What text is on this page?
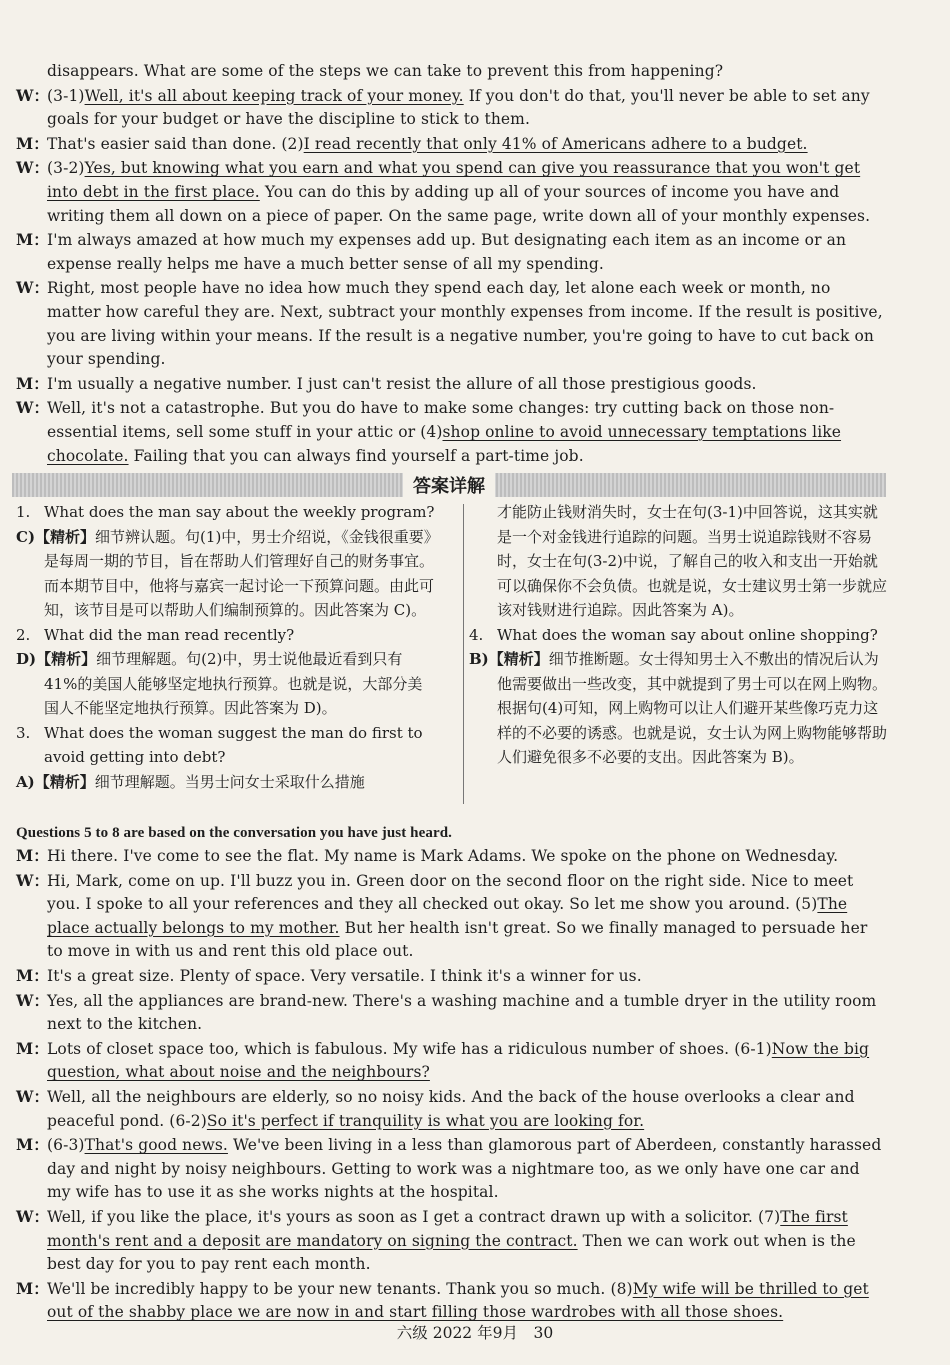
disappears. What are some of the steps we can take to prevent this from happening?
W：(3-1)Well, it's all about keeping track of your money. If you don't do that, you'll never be able to set any goals for your budget or have the discipline to stick to them.
M：That's easier said than done. (2)I read recently that only 41% of Americans adhere to a budget.
W：(3-2)Yes, but knowing what you earn and what you spend can give you reassurance that you won't get into debt in the first place. You can do this by adding up all of your sources of income you have and writing them all down on a piece of paper. On the same page, write down all of your monthly expenses.
M：I'm always amazed at how much my expenses add up. But designating each item as an income or an expense really helps me have a much better sense of all my spending.
W：Right, most people have no idea how much they spend each day, let alone each week or month, no matter how careful they are. Next, subtract your monthly expenses from income. If the result is positive, you are living within your means. If the result is a negative number, you're going to have to cut back on your spending.
M：I'm usually a negative number. I just can't resist the allure of all those prestigious goods.
W：Well, it's not a catastrophe. But you do have to make some changes: try cutting back on those non-essential items, sell some stuff in your attic or (4)shop online to avoid unnecessary temptations like chocolate. Failing that you can always find yourself a part-time job.
答案详解
1. What does the man say about the weekly program?
C)【精析】细节辨认题。句(1)中，男士介绍说，《金钱很重要》是每周一期的节目，旨在帮助人们管理好自己的财务事宜。而本期节目中，他将与嘉宾一起讨论一下预算问题。由此可知，该节目是可以帮助人们编制预算的。因此答案为 C)。
2. What did the man read recently?
D)【精析】细节理解题。句(2)中，男士说他最近看到只有 41%的美国人能够坚定地执行预算。也就是说，大部分美国人不能坚定地执行预算。因此答案为 D)。
3. What does the woman suggest the man do first to avoid getting into debt?
A)【精析】细节理解题。当男士问女士采取什么措施
才能防止钱财消失时，女士在句(3-1)中回答说，这其实就是一个对金钱进行追踪的问题。当男士说追踪钱财不容易时，女士在句(3-2)中说，了解自己的收入和支出一开始就可以确保你不会负债。也就是说，女士建议男士第一步就应该对钱财进行追踪。因此答案为 A)。
4. What does the woman say about online shopping?
B)【精析】细节推断题。女士得知男士入不敷出的情况后认为他需要做出一些改变，其中就提到了男士可以在网上购物。根据句(4)可知，网上购物可以让人们避开某些像巧克力这样的不必要的诱惑。也就是说，女士认为网上购物能够帮助人们避免很多不必要的支出。因此答案为 B)。
Questions 5 to 8 are based on the conversation you have just heard.
M：Hi there. I've come to see the flat. My name is Mark Adams. We spoke on the phone on Wednesday.
W：Hi, Mark, come on up. I'll buzz you in. Green door on the second floor on the right side. Nice to meet you. I spoke to all your references and they all checked out okay. So let me show you around. (5)The place actually belongs to my mother. But her health isn't great. So we finally managed to persuade her to move in with us and rent this old place out.
M：It's a great size. Plenty of space. Very versatile. I think it's a winner for us.
W：Yes, all the appliances are brand-new. There's a washing machine and a tumble dryer in the utility room next to the kitchen.
M：Lots of closet space too, which is fabulous. My wife has a ridiculous number of shoes. (6-1)Now the big question, what about noise and the neighbours?
W：Well, all the neighbours are elderly, so no noisy kids. And the back of the house overlooks a clear and peaceful pond. (6-2)So it's perfect if tranquility is what you are looking for.
M：(6-3)That's good news. We've been living in a less than glamorous part of Aberdeen, constantly harassed day and night by noisy neighbours. Getting to work was a nightmare too, as we only have one car and my wife has to use it as she works nights at the hospital.
W：Well, if you like the place, it's yours as soon as I get a contract drawn up with a solicitor. (7)The first month's rent and a deposit are mandatory on signing the contract. Then we can work out when is the best day for you to pay rent each month.
M：We'll be incredibly happy to be your new tenants. Thank you so much. (8)My wife will be thrilled to get out of the shabby place we are now in and start filling those wardrobes with all those shoes.
六级 2022 年9月　30
